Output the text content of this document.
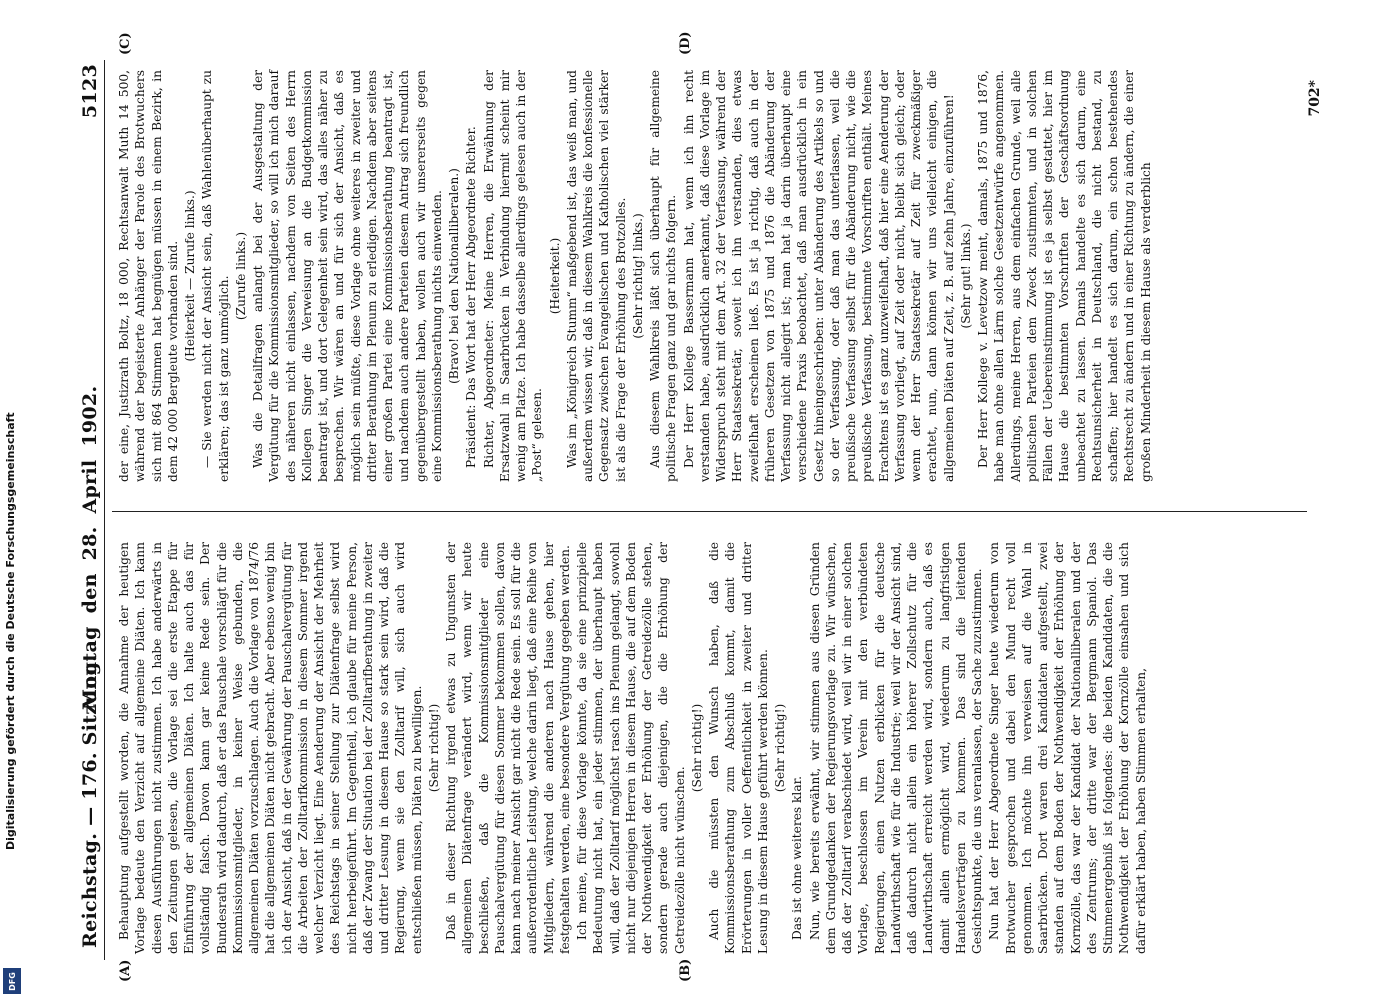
Digitalisierung gefördert durch die Deutsche Forschungsgemeinschaft
DFG
Reichstag. — 176. Sitzung.
Montag den 28. April 1902.
5123
(A)	(B)
(C)	(D)

Behauptung aufgestellt worden, die Annahme der heutigen Vorlage bedeute den Verzicht auf allgemeine Diäten. Ich kann diesen Ausführungen nicht zustimmen. Ich habe anderwärts in den Zeitungen gelesen, die Vorlage sei die erste Etappe für Einführung der allgemeinen Diäten. Ich halte auch das für vollständig falsch. Davon kann gar keine Rede sein. Der Bundesrath wird dadurch, daß er das Pauschale vorschlägt für die Kommissionsmitglieder, in keiner Weise gebunden, die allgemeinen Diäten vorzuschlagen. Auch die Vorlage von 1874/76 hat die allgemeinen Diäten nicht gebracht. Aber ebenso wenig bin ich der Ansicht, daß in der Gewährung der Pauschalvergütung für die Arbeiten der Zolltarifkommission in diesem Sommer irgend welcher Verzicht liegt. Eine Aenderung der Ansicht der Mehrheit des Reichstags in seiner Stellung zur Diätenfrage selbst wird nicht herbeigeführt. Im Gegentheil, ich glaube für meine Person, daß der Zwang der Situation bei der Zolltarifberathung in zweiter und dritter Lesung in diesem Hause so stark sein wird, daß die Regierung, wenn sie den Zolltarif will, sich auch wird entschließen müssen, Diäten zu bewilligen. (Sehr richtig!) Daß in dieser Richtung irgend etwas zu Ungunsten der allgemeinen Diätenfrage verändert wird, wenn wir heute beschließen, daß die Kommissionsmitglieder eine Pauschalvergütung für diesen Sommer bekommen sollen, davon kann nach meiner Ansicht gar nicht die Rede sein. Es soll für die außerordentliche Leistung, welche darin liegt, daß eine Reihe von Mitgliedern, während die anderen nach Hause gehen, hier festgehalten werden, eine besondere Vergütung gegeben werden. Ich meine, für diese Vorlage könnte, da sie eine prinzipielle Bedeutung nicht hat, ein jeder stimmen, der überhaupt haben will, daß der Zolltarif möglichst rasch ins Plenum gelangt, sowohl nicht nur diejenigen Herren in diesem Hause, die auf dem Boden der Nothwendigkeit der Erhöhung der Getreidezölle stehen, sondern gerade auch diejenigen, die die Erhöhung der Getreidezölle nicht wünschen.

(Sehr richtig!) Auch die müssten den Wunsch haben, daß die Kommissionsberathung zum Abschluß kommt, damit die Erörterungen in voller Oeffentlichkeit in zweiter und dritter Lesung in diesem Hause geführt werden können. (Sehr richtig!)

Das ist ohne weiteres klar. Nun, wie bereits erwähnt, wir stimmen aus diesen Gründen dem Grundgedanken der Regierungsvorlage zu. Wir wünschen, daß der Zolltarif verabschiedet wird, weil wir in einer solchen Vorlage, beschlossen im Verein mit den verbündeten Regierungen, einen Nutzen erblicken für die deutsche Landwirthschaft wie für die Industrie; weil wir der Ansicht sind, daß dadurch nicht allein ein höherer Zollschutz für die Landwirthschaft erreicht werden wird, sondern auch, daß es damit allein ermöglicht wird, wiederum zu langfristigen Handelsverträgen zu kommen. Das sind die leitenden Gesichtspunkte, die uns veranlassen, der Sache zuzustimmen. Nun hat der Herr Abgeordnete Singer heute wiederum von Brotwucher gesprochen und dabei den Mund recht voll genommen. Ich möchte ihn verweisen auf die Wahl in Saarbrücken. Dort waren drei Kandidaten aufgestellt, zwei standen auf dem Boden der Nothwendigkeit der Erhöhung der Kornzölle, das war der Kandidat der Nationalliberalen und der des Zentrums; der dritte war der Bergmann Spaniol. Das Stimmenergebniß ist folgendes: die beiden Kandidaten, die die Nothwendigkeit der Erhöhung der Kornzölle einsahen und sich dafür erklärt haben, haben Stimmen erhalten,

der eine, Justizrath Boltz, 18 000, Rechtsanwalt Muth 14 500, während der begeisterte Anhänger der Parole des Brotwuchers sich mit 864 Stimmen hat begnügen müssen in einem Bezirk, in dem 42 000 Bergleute vorhanden sind. (Heiterkeit — Zurufe links.) — Sie werden nicht der Ansicht sein, daß Wahlenüberhaupt zu erklären; das ist ganz unmöglich. (Zurufe links.) Was die Detailfragen anlangt bei der Ausgestaltung der Vergütung für die Kommissionsmitglieder, so will ich mich darauf des näheren nicht einlassen, nachdem von Seiten des Herrn Kollegen Singer die Verweisung an die Budgetkommission beantragt ist, und dort Gelegenheit sein wird, das alles näher zu besprechen. Wir wären an und für sich der Ansicht, daß es möglich sein müßte, diese Vorlage ohne weiteres in zweiter und dritter Berathung im Plenum zu erledigen. Nachdem aber seitens einer großen Partei eine Kommissionsberathung beantragt ist, und nachdem auch andere Parteien diesem Antrag sich freundlich gegenübergestellt haben, wollen auch wir unsererseits gegen eine Kommissionsberathung nichts einwenden. (Bravo! bei den Nationalliberalen.) Präsident: Das Wort hat der Herr Abgeordnete Richter. Richter, Abgeordneter: Meine Herren, die Erwähnung der Ersatzwahl in Saarbrücken in Verbindung hiermit scheint mir wenig am Platze. Ich habe dasselbe allerdings gelesen auch in der „Post“ gelesen.

(Heiterkeit.) Was im „Königreich Stumm“ maßgebend ist, das weiß man, und außerdem wissen wir, daß in diesem Wahlkreis die konfessionelle Gegensatz zwischen Evangelischen und Katholischen viel stärker ist als die Frage der Erhöhung des Brotzolles. (Sehr richtig! links.) Aus diesem Wahlkreis läßt sich überhaupt für allgemeine politische Fragen ganz und gar nichts folgern. Der Herr Kollege Bassermann hat, wenn ich ihn recht verstanden habe, ausdrücklich anerkannt, daß diese Vorlage im Widerspruch steht mit dem Art. 32 der Verfassung, während der Herr Staatssekretär, soweit ich ihn verstanden, dies etwas zweifelhaft erscheinen ließ. Es ist ja richtig, daß auch in der früheren Gesetzen von 1875 und 1876 die Abänderung der Verfassung nicht allegirt ist; man hat ja darin überhaupt eine verschiedene Praxis beobachtet, daß man ausdrücklich in ein Gesetz hineingeschrieben: unter Abänderung des Artikels so und so der Verfassung, oder daß man das unterlassen, weil die preußische Verfassung selbst für die Abänderung nicht, wie die preußische Verfassung, bestimmte Vorschriften enthält. Meines Erachtens ist es ganz unzweifelhaft, daß hier eine Aenderung der Verfassung vorliegt, auf Zeit oder nicht, bleibt sich gleich; oder wenn der Herr Staatssekretär auf Zeit für zweckmäßiger erachtet, nun, dann können wir uns vielleicht einigen, die allgemeinen Diäten auf Zeit, z. B. auf zehn Jahre, einzuführen! (Sehr gut! links.) Der Herr Kollege v. Levetzow meint, damals, 1875 und 1876, habe man ohne allen Lärm solche Gesetzentwürfe angenommen. Allerdings, meine Herren, aus dem einfachen Grunde, weil alle politischen Parteien dem Zweck zustimmten, und in solchen Fällen der Uebereinstimmung ist es ja selbst gestattet, hier im Hause die bestimmten Vorschriften der Geschäftsordnung unbeachtet zu lassen. Damals handelte es sich darum, eine Rechtsunsicherheit in Deutschland, die nicht bestand, zu schaffen; hier handelt es sich darum, ein schon bestehendes Rechtsrecht zu ändern und in einer Richtung zu ändern, die einer großen Minderheit in diesem Hause als verderblich

702*
